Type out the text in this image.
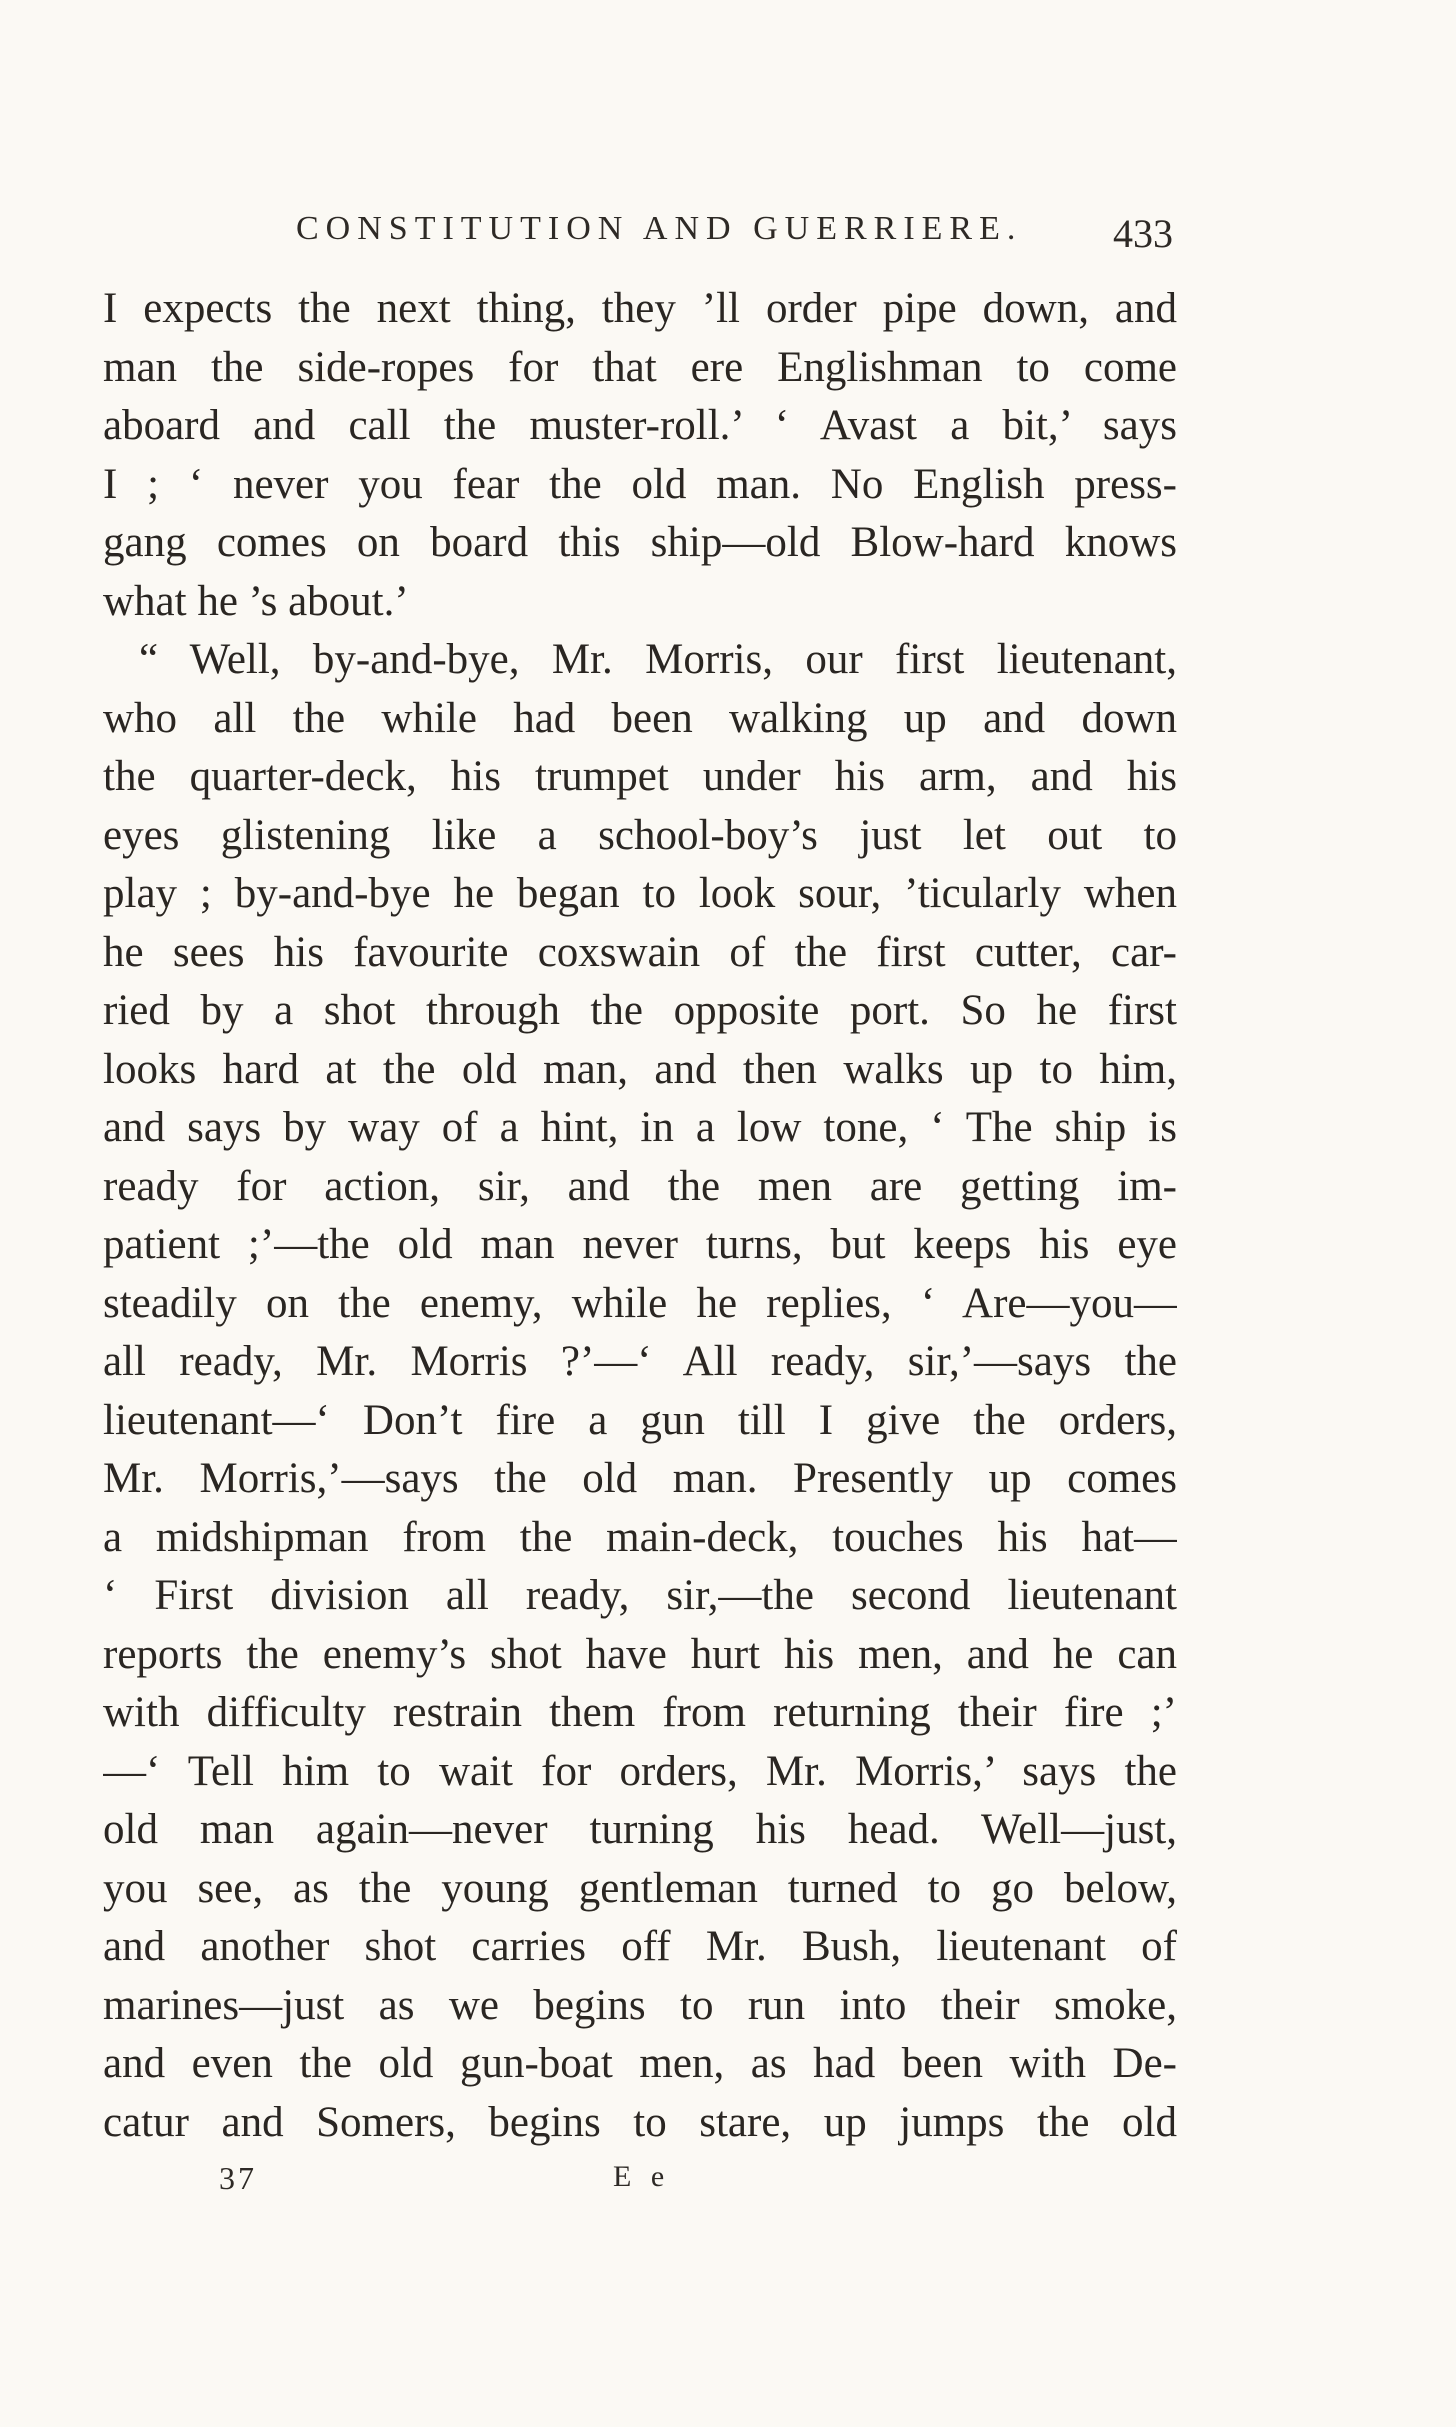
CONSTITUTION AND GUERRIERE. 433
I expects the next thing, they ’ll order pipe down, and
man the side-ropes for that ere Englishman to come
aboard and call the muster-roll.’ ‘ Avast a bit,’ says
I ; ‘ never you fear the old man. No English press-
gang comes on board this ship—old Blow-hard knows
what he ’s about.’
“ Well, by-and-bye, Mr. Morris, our first lieutenant,
who all the while had been walking up and down
the quarter-deck, his trumpet under his arm, and his
eyes glistening like a school-boy’s just let out to
play ; by-and-bye he began to look sour, ’ticularly when
he sees his favourite coxswain of the first cutter, car-
ried by a shot through the opposite port. So he first
looks hard at the old man, and then walks up to him,
and says by way of a hint, in a low tone, ‘ The ship is
ready for action, sir, and the men are getting im-
patient ;’—the old man never turns, but keeps his eye
steadily on the enemy, while he replies, ‘ Are—you—
all ready, Mr. Morris ?’—‘ All ready, sir,’—says the
lieutenant—‘ Don’t fire a gun till I give the orders,
Mr. Morris,’—says the old man. Presently up comes
a midshipman from the main-deck, touches his hat—
‘ First division all ready, sir,—the second lieutenant
reports the enemy’s shot have hurt his men, and he can
with difficulty restrain them from returning their fire ;’
—‘ Tell him to wait for orders, Mr. Morris,’ says the
old man again—never turning his head. Well—just,
you see, as the young gentleman turned to go below,
and another shot carries off Mr. Bush, lieutenant of
marines—just as we begins to run into their smoke,
and even the old gun-boat men, as had been with De-
catur and Somers, begins to stare, up jumps the old
37	E e
